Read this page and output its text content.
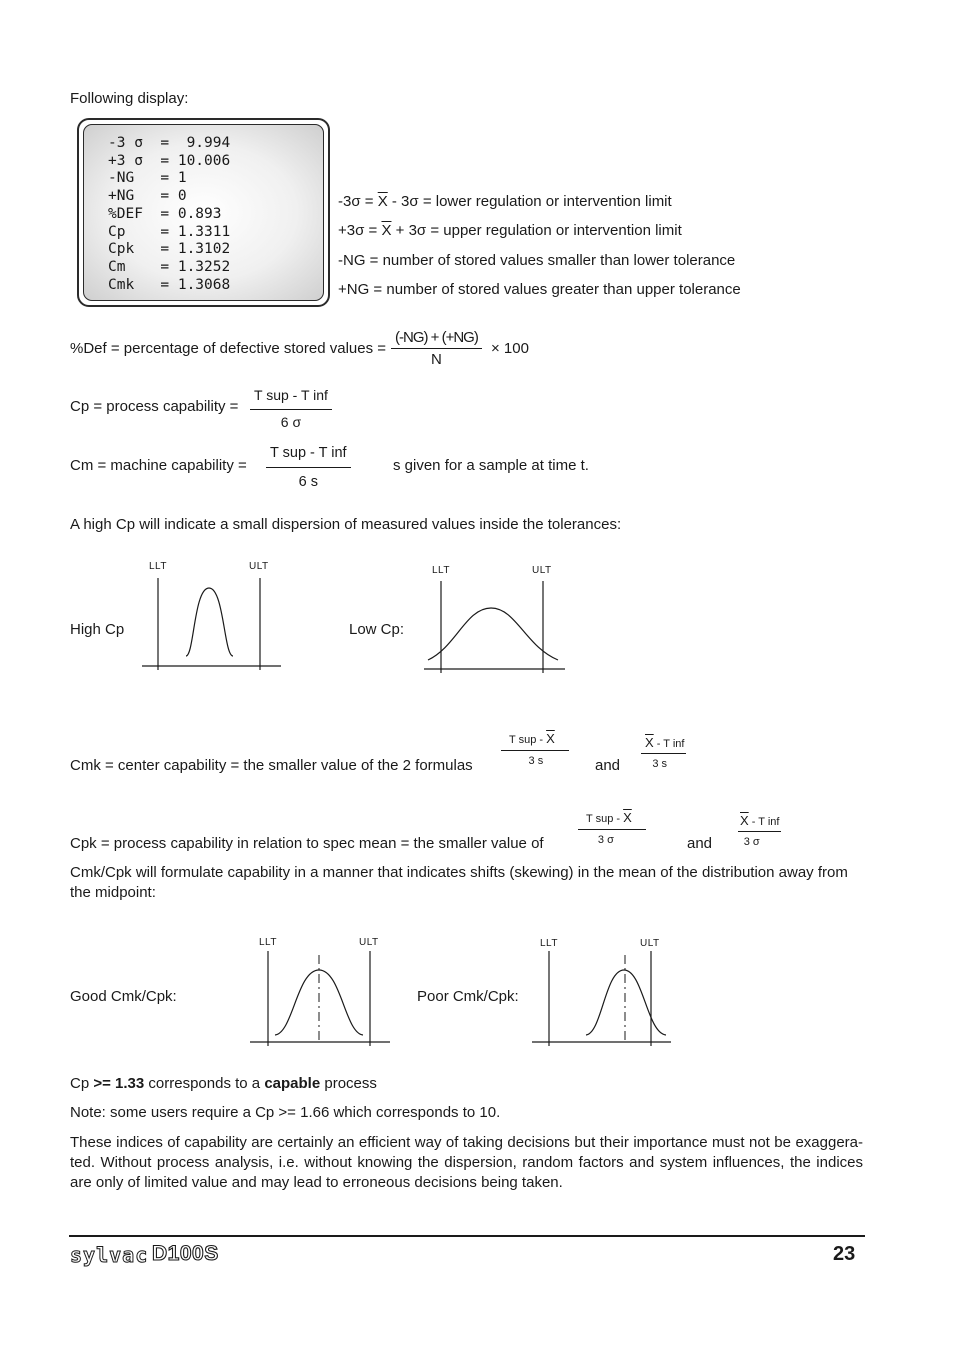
Following display:
-3 σ  =  9.994
+3 σ  = 10.006
-NG   = 1
+NG   = 0
%DEF  = 0.893
Cp    = 1.3311
Cpk   = 1.3102
Cm    = 1.3252
Cmk   = 1.3068
$-3\sigma = \overline{X} - 3\sigma$ = lower regulation or intervention limit
$+3\sigma = \overline{X} + 3\sigma$ = upper regulation or intervention limit
-NG = number of stored values smaller than lower tolerance
+NG = number of stored values greater than upper tolerance
%Def = percentage of defective stored values =
(-NG) + (+NG)
N
× 100
Cp = process capability =
T sup - T inf
6 σ
Cm = machine capability =
T sup - T inf
6 s
s given for a sample at time t.
A high Cp will indicate a small dispersion of measured values inside the tolerances:
High Cp
LLT	ULT
Low Cp:
LLT	ULT
Cmk = center capability = the smaller value of the 2 formulas
T sup - $\overline{X}$
3 s	and
$\overline{X}$ - T inf
3 s
Cpk = process capability in relation to spec mean = the smaller value of
T sup - $\overline{X}$
3 σ	and
$\overline{X}$ - T inf
3 σ
Cmk/Cpk will formulate capability in a manner that indicates shifts (skewing) in the mean of the distribution away from the midpoint:
Good Cmk/Cpk:
LLT	ULT
Poor Cmk/Cpk:
LLT	ULT
Cp >= 1.33 corresponds to a capable process
Note: some users require a Cp >= 1.66 which corresponds to 10.
These indices of capability are certainly an efficient way of taking decisions but their importance must not be exaggera-ted. Without process analysis, i.e. without knowing the dispersion, random factors and system influences, the indices are only of limited value and may lead to erroneous decisions being taken.
sylvac D100S	23
